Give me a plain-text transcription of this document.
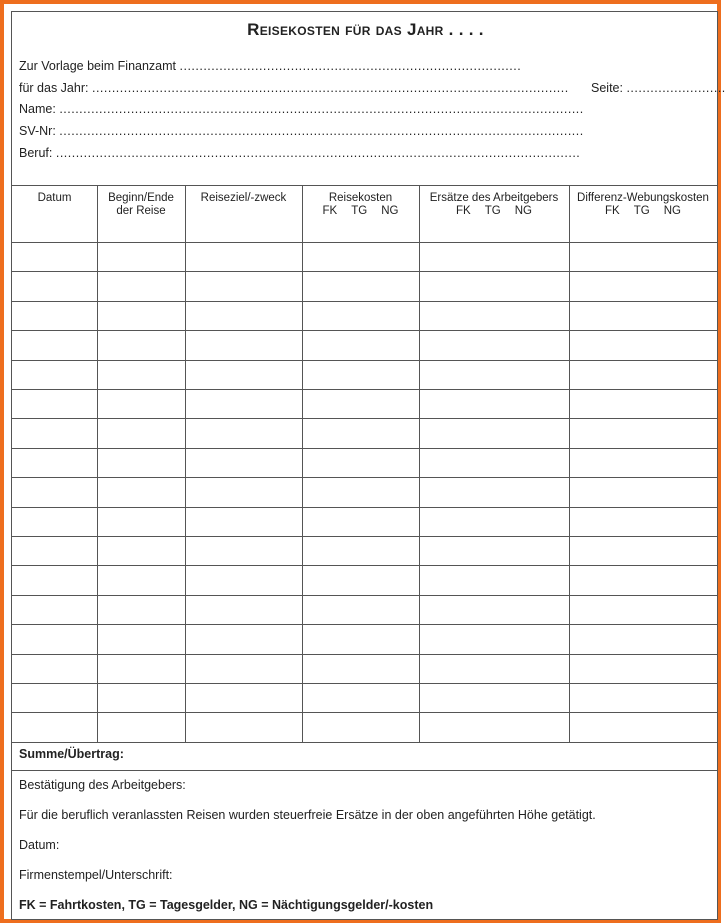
Reisekosten für das Jahr . . . .
Zur Vorlage beim Finanzamt ......................................................................................
für das Jahr: ........................................................................................................................
Name: ....................................................................................................................................
SV-Nr: ....................................................................................................................................
Beruf: ....................................................................................................................................
Seite: .........................
Datum	Beginn/Ende
der Reise
Reiseziel/-zweck	Reisekosten
FK TG NG
Ersätze des Arbeitgebers
FK TG NG
Differenz-Webungskosten
FK TG NG
Summe/Übertrag:
Bestätigung des Arbeitgebers:
Für die beruflich veranlassten Reisen wurden steuerfreie Ersätze in der oben angeführten Höhe getätigt.
Datum:
Firmenstempel/Unterschrift:
FK = Fahrtkosten, TG = Tagesgelder, NG = Nächtigungsgelder/-kosten
